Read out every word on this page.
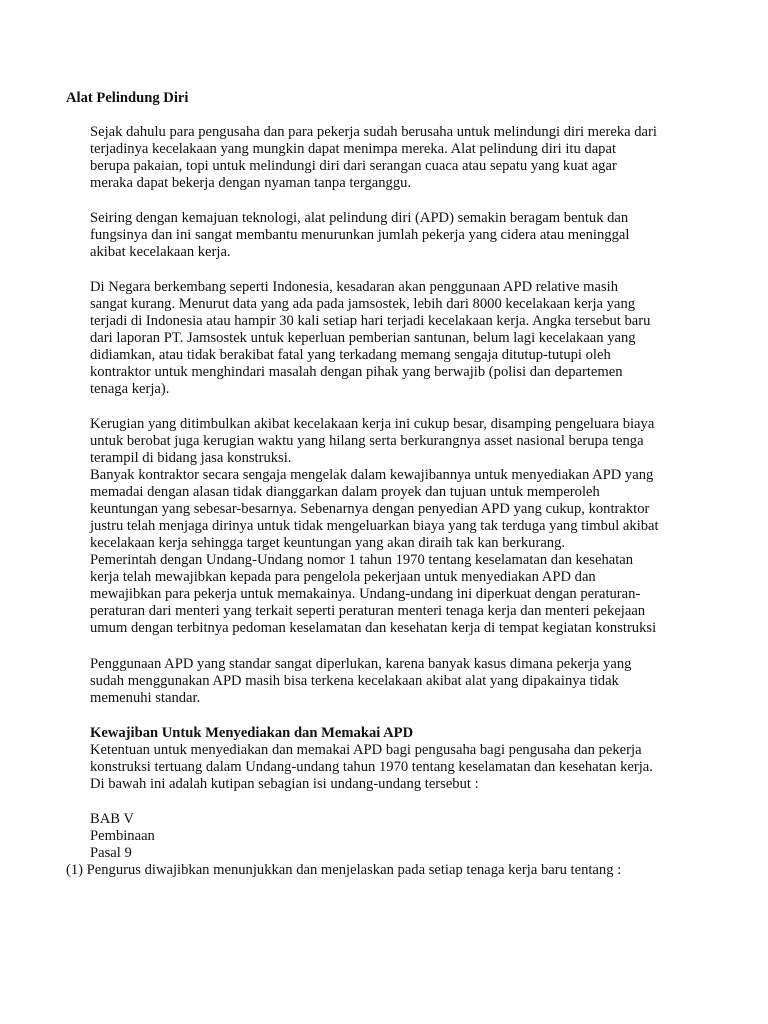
Alat Pelindung Diri
Sejak dahulu para pengusaha dan para pekerja sudah berusaha untuk melindungi diri mereka dari
terjadinya kecelakaan yang mungkin dapat menimpa mereka. Alat pelindung diri itu dapat
berupa pakaian, topi untuk melindungi diri dari serangan cuaca atau sepatu yang kuat agar
meraka dapat bekerja dengan nyaman tanpa terganggu.
Seiring dengan kemajuan teknologi, alat pelindung diri (APD) semakin beragam bentuk dan
fungsinya dan ini sangat membantu menurunkan jumlah pekerja yang cidera atau meninggal
akibat kecelakaan kerja.
Di Negara berkembang seperti Indonesia, kesadaran akan penggunaan APD relative masih
sangat kurang. Menurut data yang ada pada jamsostek, lebih dari 8000 kecelakaan kerja yang
terjadi di Indonesia atau hampir 30 kali setiap hari terjadi kecelakaan kerja. Angka tersebut baru
dari laporan PT. Jamsostek untuk keperluan pemberian santunan, belum lagi kecelakaan yang
didiamkan, atau tidak berakibat fatal yang terkadang memang sengaja ditutup-tutupi oleh
kontraktor untuk menghindari masalah dengan pihak yang berwajib (polisi dan departemen
tenaga kerja).
Kerugian yang ditimbulkan akibat kecelakaan kerja ini cukup besar, disamping pengeluara biaya
untuk berobat juga kerugian waktu yang hilang serta berkurangnya asset nasional berupa tenga
terampil di bidang jasa konstruksi.
Banyak kontraktor secara sengaja mengelak dalam kewajibannya untuk menyediakan APD yang
memadai dengan alasan tidak dianggarkan dalam proyek dan tujuan untuk memperoleh
keuntungan yang sebesar-besarnya. Sebenarnya dengan penyedian APD yang cukup, kontraktor
justru telah menjaga dirinya untuk tidak mengeluarkan biaya yang tak terduga yang timbul akibat
kecelakaan kerja sehingga target keuntungan yang akan diraih tak kan berkurang.
Pemerintah dengan Undang-Undang nomor 1 tahun 1970 tentang keselamatan dan kesehatan
kerja telah mewajibkan kepada para pengelola pekerjaan untuk menyediakan APD dan
mewajibkan para pekerja untuk memakainya. Undang-undang ini diperkuat dengan peraturan-
peraturan dari menteri yang terkait seperti peraturan menteri tenaga kerja dan menteri pekejaan
umum dengan terbitnya pedoman keselamatan dan kesehatan kerja di tempat kegiatan konstruksi
Penggunaan APD yang standar sangat diperlukan, karena banyak kasus dimana pekerja yang
sudah menggunakan APD masih bisa terkena kecelakaan akibat alat yang dipakainya tidak
memenuhi standar.
Kewajiban Untuk Menyediakan dan Memakai APD
Ketentuan untuk menyediakan dan memakai APD bagi pengusaha bagi pengusaha dan pekerja
konstruksi tertuang dalam Undang-undang tahun 1970 tentang keselamatan dan kesehatan kerja.
Di bawah ini adalah kutipan sebagian isi undang-undang tersebut :
BAB V
Pembinaan
Pasal 9
(1) Pengurus diwajibkan menunjukkan dan menjelaskan pada setiap tenaga kerja baru tentang :
